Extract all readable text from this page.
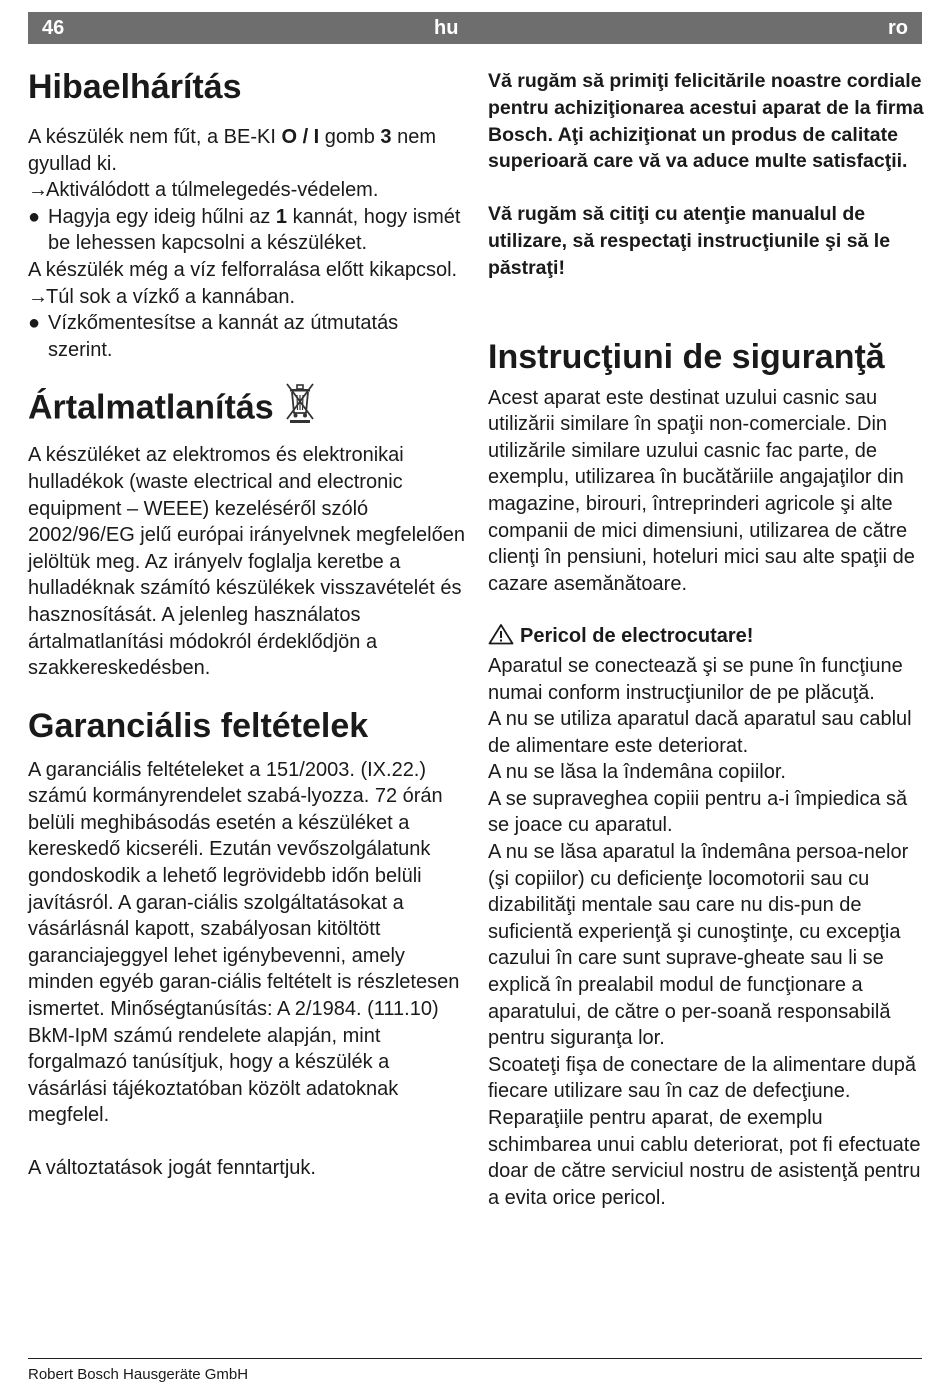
46	hu	ro
Hibaelhárítás

A készülék nem fűt, a BE-KI O / I gomb 3 nem gyullad ki.

→Aktiválódott a túlmelegedés-védelem.

● Hagyja egy ideig hűlni az 1 kannát, hogy ismét be lehessen kapcsolni a készüléket.

A készülék még a víz felforralása előtt kikapcsol.

→Túl sok a vízkő a kannában.

● Vízkőmentesítse a kannát az útmutatás szerint.

Ártalmatlanítás

A készüléket az elektromos és elektronikai hulladékok (waste electrical and electronic equipment – WEEE) kezeléséről szóló 2002/96/EG jelű európai irányelvnek megfelelően jelöltük meg. Az irányelv foglalja keretbe a hulladéknak számító készülékek visszavételét és hasznosítását. A jelenleg használatos ártalmatlanítási módokról érdeklődjön a szakkereskedésben.

Garanciális feltételek

A garanciális feltételeket a 151/2003. (IX.22.) számú kormányrendelet szabá-lyozza. 72 órán belüli meghibásodás esetén a készüléket a kereskedő kicseréli. Ezután vevőszolgálatunk gondoskodik a lehető legrövidebb időn belüli javításról. A garan-ciális szolgáltatásokat a vásárlásnál kapott, szabályosan kitöltött garanciajeggyel lehet igénybevenni, amely minden egyéb garan-ciális feltételt is részletesen ismertet. Minőségtanúsítás: A 2/1984. (111.10) BkM-IpM számú rendelete alapján, mint forgalmazó tanúsítjuk, hogy a készülék a vásárlási tájékoztatóban közölt adatoknak megfelel.

A változtatások jogát fenntartjuk.

Vă rugăm să primiţi felicitările noastre cordiale pentru achiziţionarea acestui aparat de la firma Bosch. Aţi achiziţionat un produs de calitate superioară care vă va aduce multe satisfacţii.

Vă rugăm să citiţi cu atenţie manualul de utilizare, să respectaţi instrucţiunile şi să le păstraţi!

Instrucţiuni de siguranţă

Acest aparat este destinat uzului casnic sau utilizării similare în spaţii non-comerciale. Din utilizările similare uzului casnic fac parte, de exemplu, utilizarea în bucătăriile angajaţilor din magazine, birouri, întreprinderi agricole şi alte companii de mici dimensiuni, utilizarea de către clienţi în pensiuni, hoteluri mici sau alte spaţii de cazare asemănătoare.

Pericol de electrocutare!

Aparatul se conectează şi se pune în funcţiune numai conform instrucţiunilor de pe plăcuţă.

A nu se utiliza aparatul dacă aparatul sau cablul de alimentare este deteriorat.

A nu se lăsa la îndemâna copiilor.

A se supraveghea copiii pentru a-i împiedica să se joace cu aparatul.

A nu se lăsa aparatul la îndemâna persoa-nelor (şi copiilor) cu deficienţe locomotorii sau cu dizabilităţi mentale sau care nu dis-pun de suficientă experienţă şi cunoştinţe, cu excepţia cazului în care sunt suprave-gheate sau li se explică în prealabil modul de funcţionare a aparatului, de către o per-soană responsabilă pentru siguranţa lor.

Scoateţi fişa de conectare de la alimentare după fiecare utilizare sau în caz de defecţiune.

Reparaţiile pentru aparat, de exemplu schimbarea unui cablu deteriorat, pot fi efectuate doar de către serviciul nostru de asistenţă pentru a evita orice pericol.

Robert Bosch Hausgeräte GmbH
